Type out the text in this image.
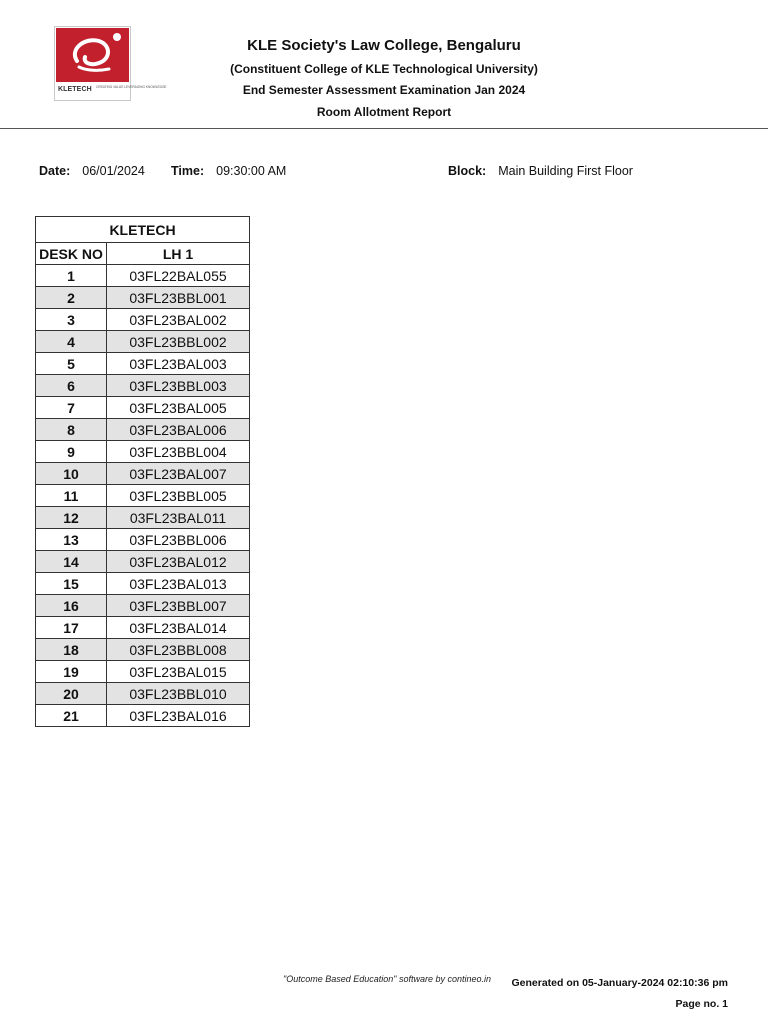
KLETECH CREATING VALUE LEVERAGING KNOWLEDGE
KLE Society's Law College, Bengaluru
(Constituent College of KLE Technological University)
End Semester Assessment Examination Jan 2024
Room Allotment Report
Date: 06/01/2024 Time: 09:30:00 AM	Block: Main Building First Floor
KLETECH	
DESK NO	LH 1
1	03FL22BAL055
2	03FL23BBL001
3	03FL23BAL002
4	03FL23BBL002
5	03FL23BAL003
6	03FL23BBL003
7	03FL23BAL005
8	03FL23BAL006
9	03FL23BBL004
10	03FL23BAL007
11	03FL23BBL005
12	03FL23BAL011
13	03FL23BBL006
14	03FL23BAL012
15	03FL23BAL013
16	03FL23BBL007
17	03FL23BAL014
18	03FL23BBL008
19	03FL23BAL015
20	03FL23BBL010
21	03FL23BAL016
"Outcome Based Education" software by contineo.in Generated on 05-January-2024 02:10:36 pm
Page no. 1
